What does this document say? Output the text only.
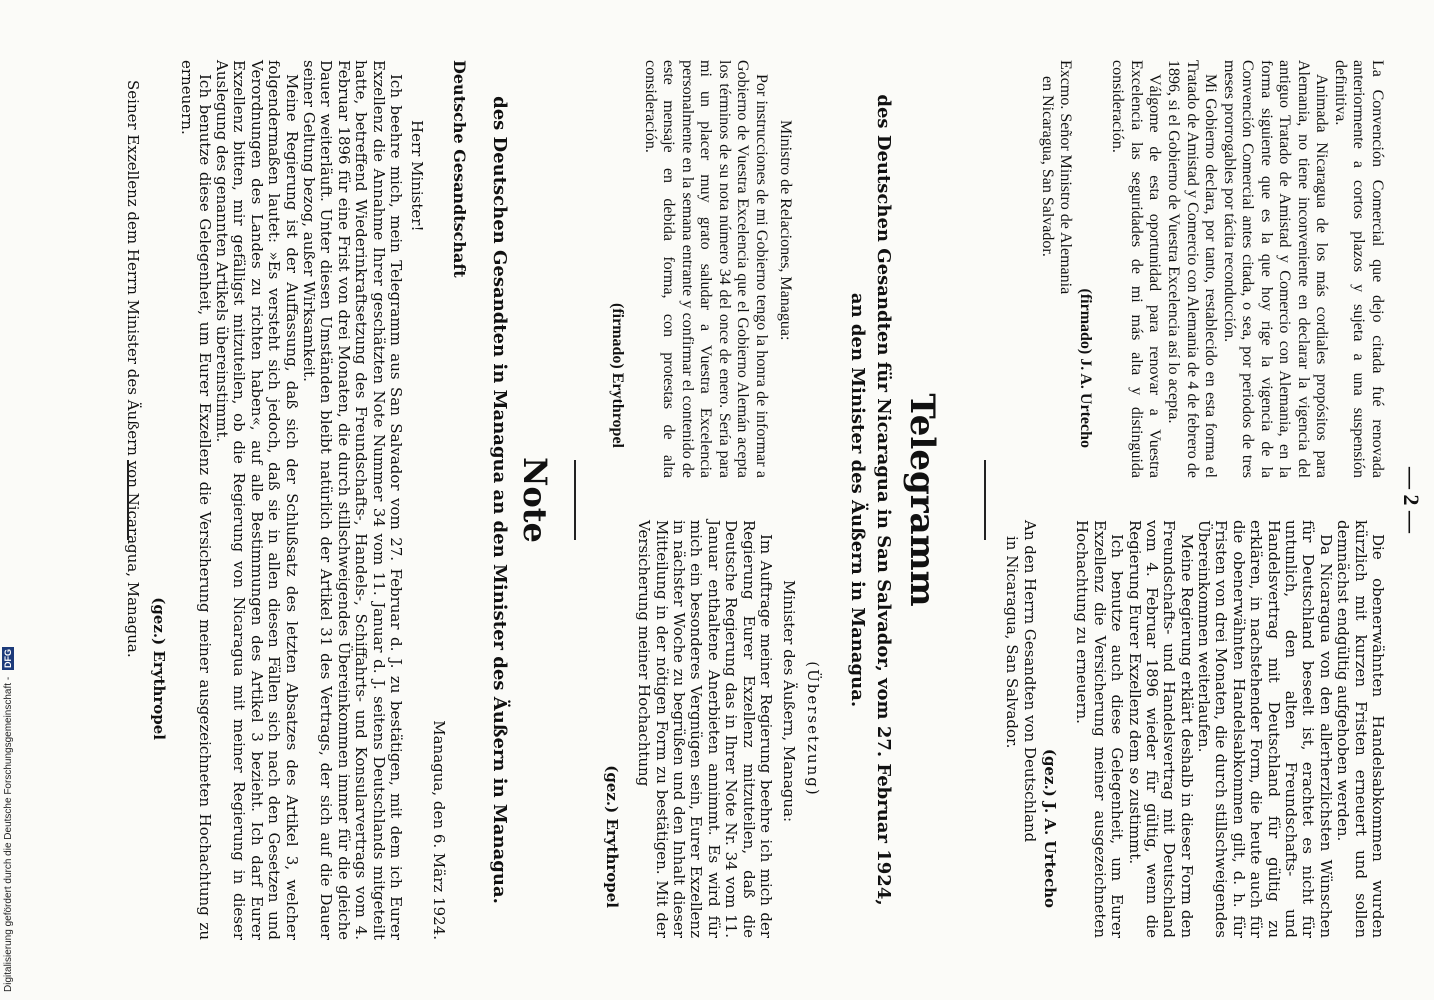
Digitalisierung gefördert durch die Deutsche Forschungsgemeinschaft - DFG
— 2 —

La Convención Comercial que dejo citada fué renovada anteriormente a cortos plazos y sujeta a una suspensión definitiva.

Animada Nicaragua de los más cordiales propósitos para Alemania, no tiene inconveniente en declarar la vigencia del antiguo Tratado de Amistad y Comercio con Alemania, en la forma siguiente que es la que hoy rige la vigencia de la Convención Comercial antes citada, o sea, por periodos de tres meses prorrogables por tácita reconducción.

Mi Gobierno declara, por tanto, restablecido en esta forma el Tratado de Amistad y Comercio con Alemania de 4 de febrero de 1896, si el Gobierno de Vuestra Excelencia así lo acepta.

Válgome de esta oportunidad para renovar a Vuestra Excelencia las seguridades de mi más alta y distinguida consideración.

(firmado) J. A. Urtecho

Excmo. Señor Ministro de Alemania

en Nicaragua, San Salvador.

Die obenerwähnten Handelsabkommen wurden kürzlich mit kurzen Fristen erneuert und sollen demnächst endgültig aufgehoben werden.

Da Nicaragua von den allerherzlichsten Wünschen für Deutschland beseelt ist, erachtet es nicht für untunlich, den alten Freundschafts- und Handelsvertrag mit Deutschland für gültig zu erklären, in nachstehender Form, die heute auch für die obenerwähnten Handelsabkommen gilt, d. h. für Fristen von drei Monaten, die durch stillschweigendes Übereinkommen weiterlaufen.

Meine Regierung erklärt deshalb in dieser Form den Freundschafts- und Handelsvertrag mit Deutschland vom 4. Februar 1896 wieder für gültig, wenn die Regierung Eurer Exzellenz dem so zustimmt.

Ich benutze auch diese Gelegenheit, um Eurer Exzellenz die Versicherung meiner ausgezeichneten Hochachtung zu erneuern.

(gez.) J. A. Urtecho

An den Herrn Gesandten von Deutschland

in Nicaragua, San Salvador.

Telegramm
des Deutschen Gesandten für Nicaragua in San Salvador, vom 27. Februar 1924,
an den Minister des Äußern in Managua.

Ministro de Relaciones, Managua:

Por instrucciones de mi Gobierno tengo la honra de informar a Gobierno de Vuestra Excelencia que el Gobierno Alemán acepta los términos de su nota número 34 del once de enero. Sería para mi un placer muy grato saludar a Vuestra Excelencia personalmente en la semana entrante y confirmar el contenido de este mensaje en debida forma, con protestas de alta consideración.

(firmado) Erythropel

(Übersetzung)

Minister des Äußern, Managua:

Im Auftrage meiner Regierung beehre ich mich der Regierung Eurer Exzellenz mitzuteilen, daß die Deutsche Regierung das in Ihrer Note Nr. 34 vom 11. Januar enthaltene Anerbieten annimmt. Es wird für mich ein besonderes Vergnügen sein, Eurer Exzellenz in nächster Woche zu begrüßen und den Inhalt dieser Mitteilung in der nötigen Form zu bestätigen. Mit der Versicherung meiner Hochachtung

(gez.) Erythropel

Note
des Deutschen Gesandten in Managua an den Minister des Äußern in Managua.

Deutsche Gesandtschaft

Managua, den 6. März 1924.

Herr Minister!

Ich beehre mich, mein Telegramm aus San Salvador vom 27. Februar d. J. zu bestätigen, mit dem ich Eurer Exzellenz die Annahme Ihrer geschätzten Note Nummer 34 vom 11. Januar d. J. seitens Deutschlands mitgeteilt hatte, betreffend Wiederinkraftsetzung des Freundschafts-, Handels-, Schiffahrts- und Konsularvertrags vom 4. Februar 1896 für eine Frist von drei Monaten, die durch stillschweigendes Übereinkommen immer für die gleiche Dauer weiterläuft. Unter diesen Umständen bleibt natürlich der Artikel 31 des Vertrags, der sich auf die Dauer seiner Geltung bezog, außer Wirksamkeit.

Meine Regierung ist der Auffassung, daß sich der Schlußsatz des letzten Absatzes des Artikel 3, welcher folgendermaßen lautet: »Es versteht sich jedoch, daß sie in allen diesen Fällen sich nach den Gesetzen und Verordnungen des Landes zu richten haben«, auf alle Bestimmungen des Artikel 3 bezieht. Ich darf Eurer Exzellenz bitten, mir gefälligst mitzuteilen, ob die Regierung von Nicaragua mit meiner Regierung in dieser Auslegung des genannten Artikels übereinstimmt.

Ich benutze diese Gelegenheit, um Eurer Exzellenz die Versicherung meiner ausgezeichneten Hochachtung zu erneuern.

(gez.) Erythropel

Seiner Exzellenz dem Herrn Minister des Äußern von Nicaragua, Managua.
